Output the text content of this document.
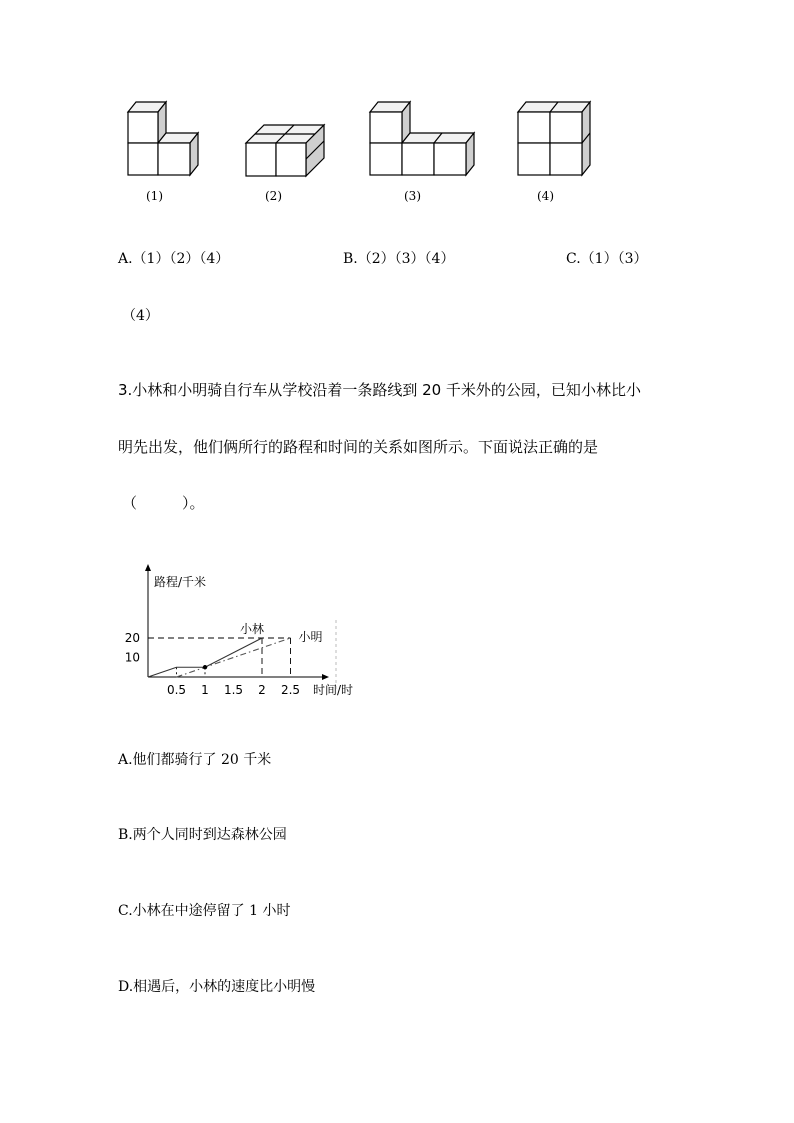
(1)	(2)	(3)	(4)
A.（1）（2）（4）	B.（2）（3）（4）	C.（1）（3）
（4）
3.小林和小明骑自行车从学校沿着一条路线到 20 千米外的公园，已知小林比小
明先出发，他们俩所行的路程和时间的关系如图所示。下面说法正确的是
（　　　）。
路程/千米
时间/时
0.5 1 1.5 2 2.5
10
20
小林
小明
A.他们都骑行了 20 千米
B.两个人同时到达森林公园
C.小林在中途停留了 1 小时
D.相遇后，小林的速度比小明慢
